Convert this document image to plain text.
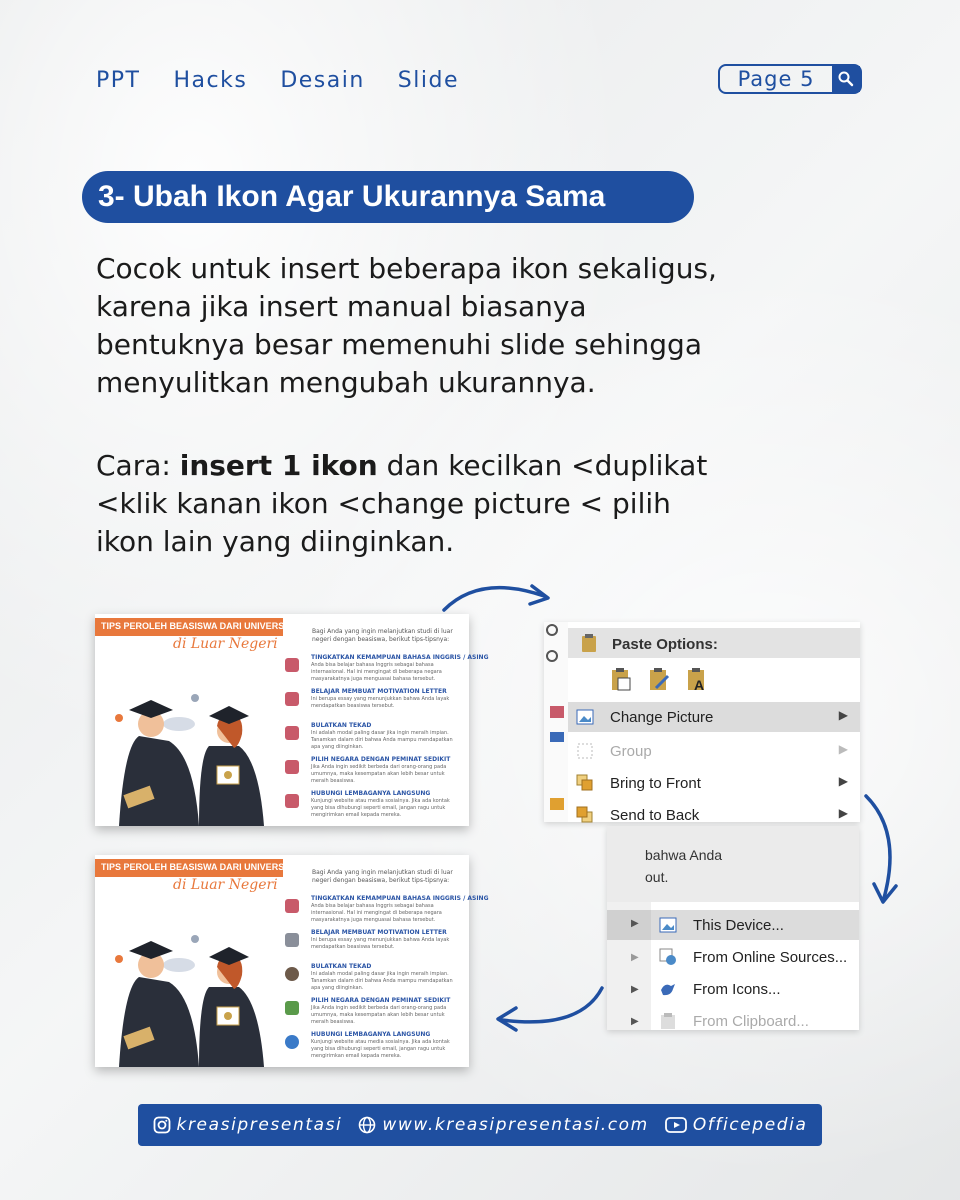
PPT Hacks Desain Slide	Page 5
3- Ubah Ikon Agar Ukurannya Sama
Cocok untuk insert beberapa ikon sekaligus,
karena jika insert manual biasanya
bentuknya besar memenuhi slide sehingga
menyulitkan mengubah ukurannya.
Cara: insert 1 ikon dan kecilkan <duplikat
<klik kanan ikon <change picture < pilih
ikon lain yang diinginkan.
TIPS PEROLEH BEASISWA DARI UNIVERSITAS
di Luar Negeri
Bagi Anda yang ingin melanjutkan studi di luar negeri dengan beasiswa, berikut tips-tipsnya:
TINGKATKAN KEMAMPUAN BAHASA INGGRIS / ASING
Anda bisa belajar bahasa Inggris sebagai bahasa internasional. Hal ini mengingat di beberapa negara masyarakatnya juga menguasai bahasa tersebut.
BELAJAR MEMBUAT MOTIVATION LETTER
Ini berupa essay yang menunjukkan bahwa Anda layak mendapatkan beasiswa tersebut.
BULATKAN TEKAD
Ini adalah modal paling dasar jika ingin meraih impian. Tanamkan dalam diri bahwa Anda mampu mendapatkan apa yang diinginkan.
PILIH NEGARA DENGAN PEMINAT SEDIKIT
Jika Anda ingin sedikit berbeda dari orang-orang pada umumnya, maka kesempatan akan lebih besar untuk meraih beasiswa.
HUBUNGI LEMBAGANYA LANGSUNG
Kunjungi website atau media sosialnya. Jika ada kontak yang bisa dihubungi seperti email, jangan ragu untuk mengirimkan email kepada mereka.
TIPS PEROLEH BEASISWA DARI UNIVERSITAS
di Luar Negeri
Bagi Anda yang ingin melanjutkan studi di luar negeri dengan beasiswa, berikut tips-tipsnya:
TINGKATKAN KEMAMPUAN BAHASA INGGRIS / ASING
Anda bisa belajar bahasa Inggris sebagai bahasa internasional. Hal ini mengingat di beberapa negara masyarakatnya juga menguasai bahasa tersebut.
BELAJAR MEMBUAT MOTIVATION LETTER
Ini berupa essay yang menunjukkan bahwa Anda layak mendapatkan beasiswa tersebut.
BULATKAN TEKAD
Ini adalah modal paling dasar jika ingin meraih impian. Tanamkan dalam diri bahwa Anda mampu mendapatkan apa yang diinginkan.
PILIH NEGARA DENGAN PEMINAT SEDIKIT
Jika Anda ingin sedikit berbeda dari orang-orang pada umumnya, maka kesempatan akan lebih besar untuk meraih beasiswa.
HUBUNGI LEMBAGANYA LANGSUNG
Kunjungi website atau media sosialnya. Jika ada kontak yang bisa dihubungi seperti email, jangan ragu untuk mengirimkan email kepada mereka.
Paste Options:
A
Change Picture	▶
Group	▶
Bring to Front	▶
Send to Back	▶
bahwa Anda
out.
▶
▶
▶
▶
This Device...
From Online Sources...
From Icons...
From Clipboard...
kreasipresentasi www.kreasipresentasi.com	Officepedia
